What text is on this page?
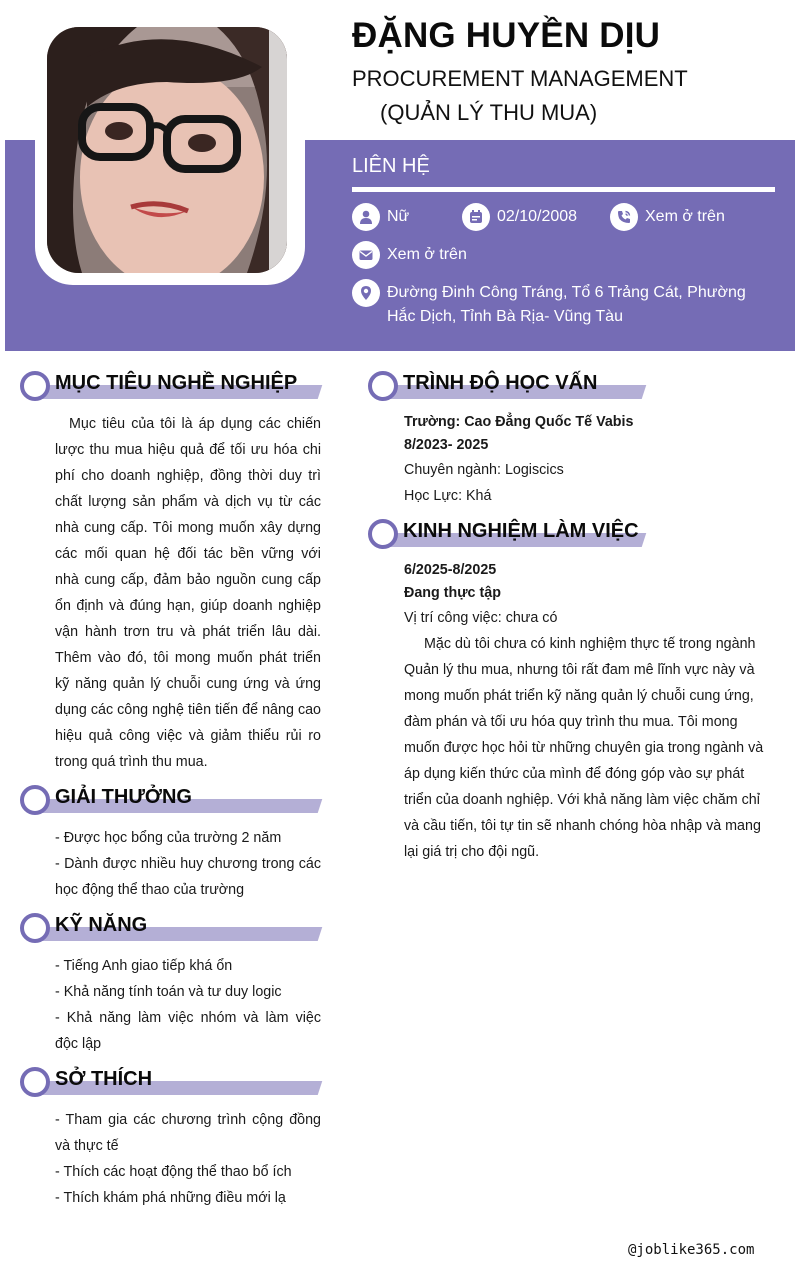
ĐẶNG HUYỀN DỊU
PROCUREMENT MANAGEMENT
(QUẢN LÝ THU MUA)
LIÊN HỆ
Nữ	02/10/2008	Xem ở trên
Xem ở trên
Đường Đinh Công Tráng, Tổ 6 Trảng Cát, Phường Hắc Dịch, Tỉnh Bà Rịa- Vũng Tàu
MỤC TIÊU NGHỀ NGHIỆP
Mục tiêu của tôi là áp dụng các chiến lược thu mua hiệu quả để tối ưu hóa chi phí cho doanh nghiệp, đồng thời duy trì chất lượng sản phẩm và dịch vụ từ các nhà cung cấp. Tôi mong muốn xây dựng các mối quan hệ đối tác bền vững với nhà cung cấp, đảm bảo nguồn cung cấp ổn định và đúng hạn, giúp doanh nghiệp vận hành trơn tru và phát triển lâu dài. Thêm vào đó, tôi mong muốn phát triển kỹ năng quản lý chuỗi cung ứng và ứng dụng các công nghệ tiên tiến để nâng cao hiệu quả công việc và giảm thiểu rủi ro trong quá trình thu mua.
GIẢI THƯỞNG
- Được học bổng của trường 2 năm
- Dành được nhiều huy chương trong các học động thể thao của trường
KỸ NĂNG
- Tiếng Anh giao tiếp khá ổn
- Khả năng tính toán và tư duy logic
- Khả năng làm việc nhóm và làm việc độc lập
SỞ THÍCH
- Tham gia các chương trình cộng đồng và thực tế
- Thích các hoạt động thể thao bổ ích
- Thích khám phá những điều mới lạ
TRÌNH ĐỘ HỌC VẤN
Trường: Cao Đẳng Quốc Tế Vabis
8/2023- 2025
Chuyên ngành: Logiscics
Học Lực: Khá
KINH NGHIỆM LÀM VIỆC
6/2025-8/2025
Đang thực tập
Vị trí công việc: chưa có
Mặc dù tôi chưa có kinh nghiệm thực tế trong ngành Quản lý thu mua, nhưng tôi rất đam mê lĩnh vực này và mong muốn phát triển kỹ năng quản lý chuỗi cung ứng, đàm phán và tối ưu hóa quy trình thu mua. Tôi mong muốn được học hỏi từ những chuyên gia trong ngành và áp dụng kiến thức của mình để đóng góp vào sự phát triển của doanh nghiệp. Với khả năng làm việc chăm chỉ và cầu tiến, tôi tự tin sẽ nhanh chóng hòa nhập và mang lại giá trị cho đội ngũ.
@joblike365.com
